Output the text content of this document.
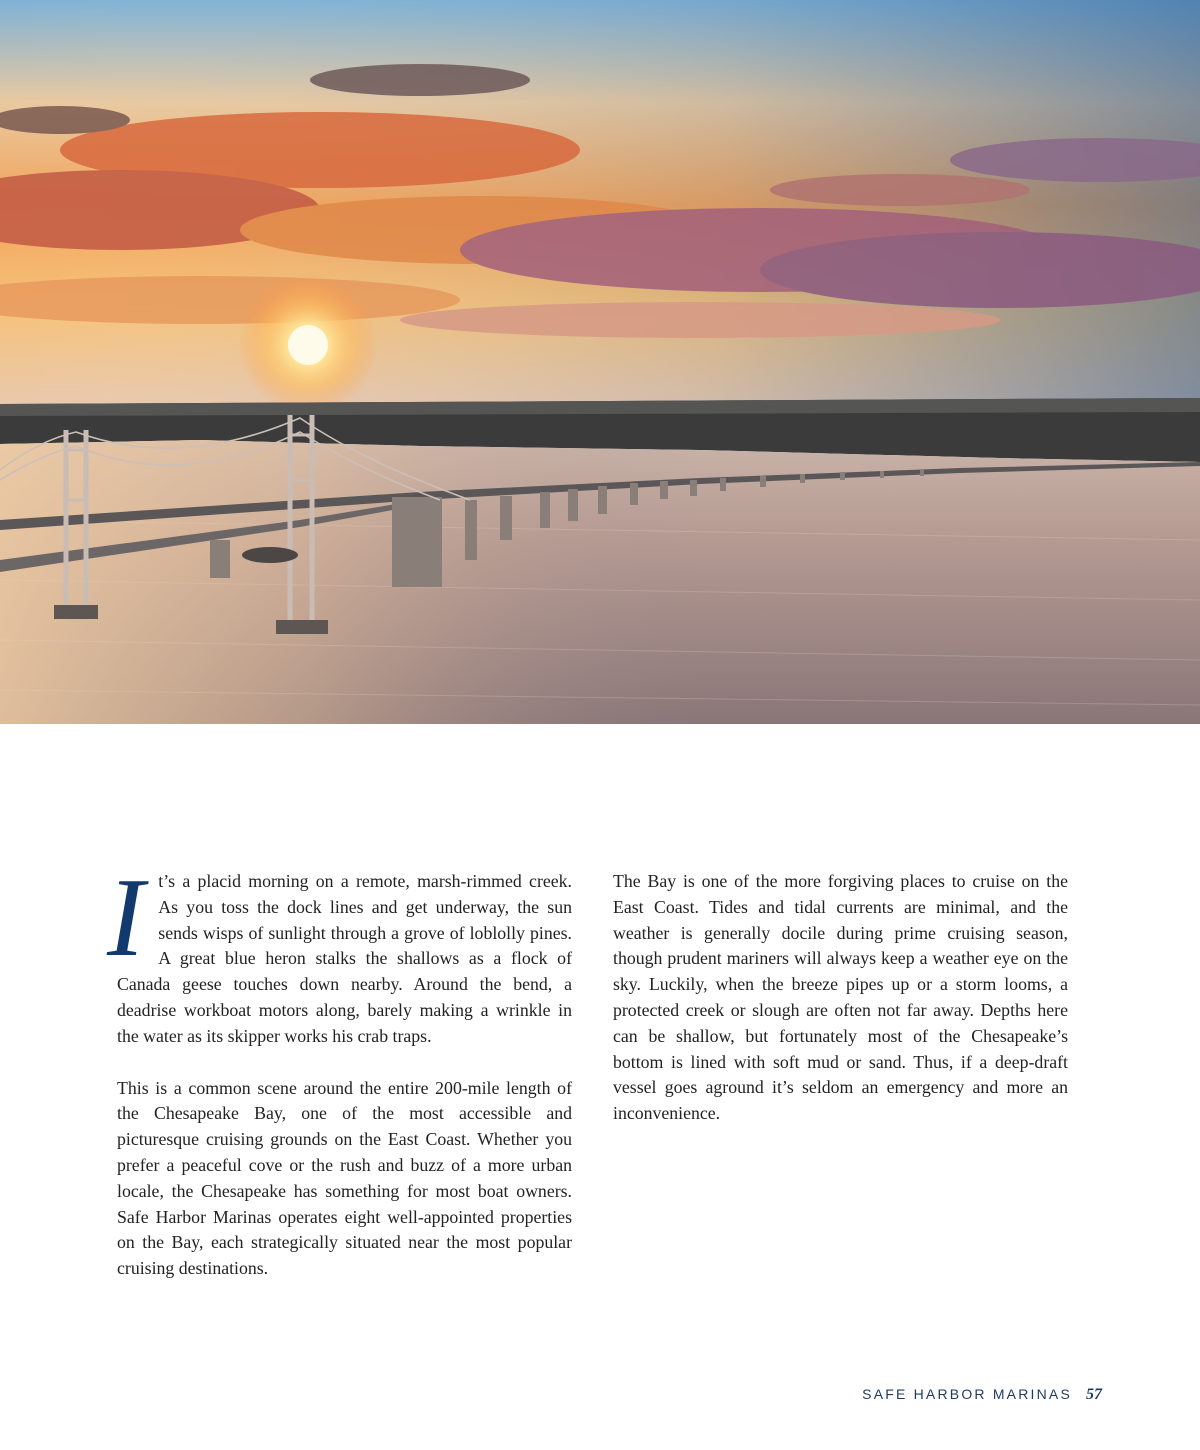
It’s a placid morning on a remote, marsh-rimmed creek. As you toss the dock lines and get underway, the sun sends wisps of sunlight through a grove of loblolly pines. A great blue heron stalks the shallows as a flock of Canada geese touches down nearby. Around the bend, a deadrise workboat motors along, barely making a wrinkle in the water as its skipper works his crab traps.

This is a common scene around the entire 200-mile length of the Chesapeake Bay, one of the most accessible and picturesque cruising grounds on the East Coast. Whether you prefer a peaceful cove or the rush and buzz of a more urban locale, the Chesapeake has something for most boat owners. Safe Harbor Marinas operates eight well-appointed properties on the Bay, each strategically situated near the most popular cruising destinations.

The Bay is one of the more forgiving places to cruise on the East Coast. Tides and tidal currents are minimal, and the weather is generally docile during prime cruising season, though prudent mariners will always keep a weather eye on the sky. Luckily, when the breeze pipes up or a storm looms, a protected creek or slough are often not far away. Depths here can be shallow, but fortunately most of the Chesapeake’s bottom is lined with soft mud or sand. Thus, if a deep-draft vessel goes aground it’s seldom an emergency and more an inconvenience.

SAFE HARBOR MARINAS 57
